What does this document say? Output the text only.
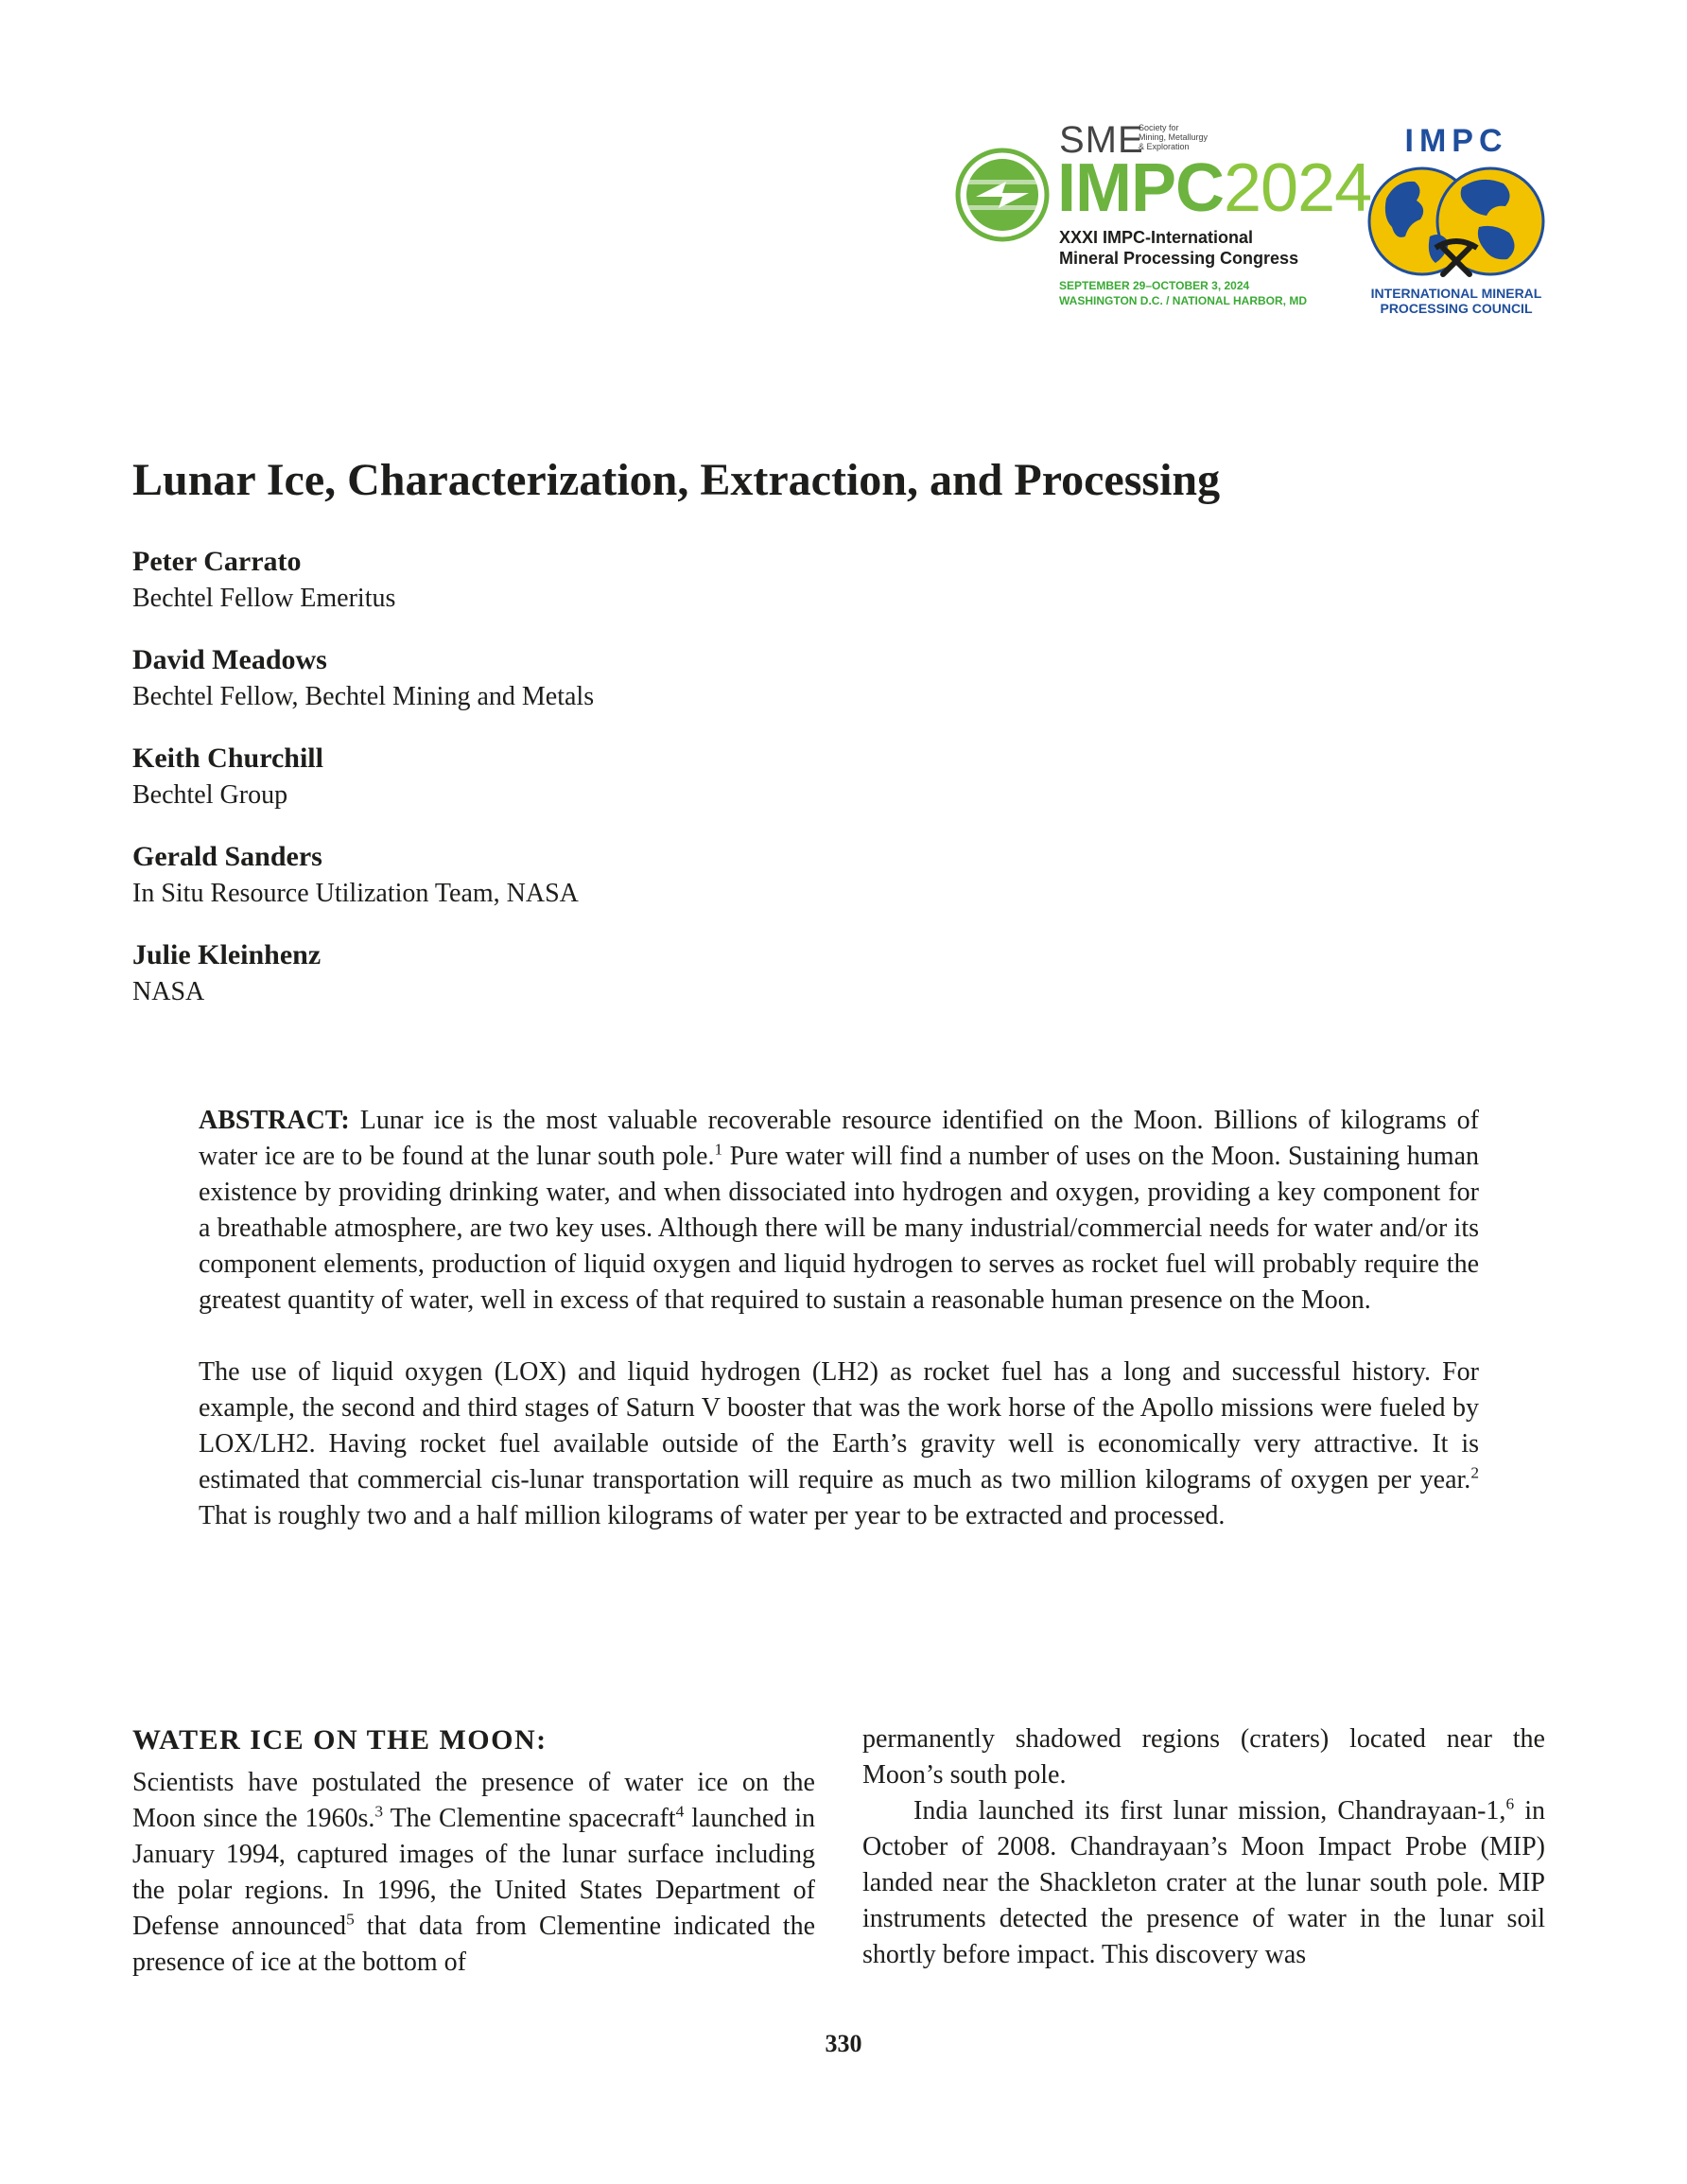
SME
Society for
Mining, Metallurgy
& Exploration
IMPC2024
XXXI IMPC-International
Mineral Processing Congress
SEPTEMBER 29–OCTOBER 3, 2024
WASHINGTON D.C. / NATIONAL HARBOR, MD
IMPC
INTERNATIONAL MINERAL
PROCESSING COUNCIL
Lunar Ice, Characterization, Extraction, and Processing
Peter Carrato
Bechtel Fellow Emeritus
David Meadows
Bechtel Fellow, Bechtel Mining and Metals
Keith Churchill
Bechtel Group
Gerald Sanders
In Situ Resource Utilization Team, NASA
Julie Kleinhenz
NASA

ABSTRACT: Lunar ice is the most valuable recoverable resource identified on the Moon. Billions of kilograms of water ice are to be found at the lunar south pole.$^1$ Pure water will find a number of uses on the Moon. Sustaining human existence by providing drinking water, and when dissociated into hydrogen and oxygen, providing a key component for a breathable atmosphere, are two key uses. Although there will be many industrial/commercial needs for water and/or its component elements, production of liquid oxygen and liquid hydrogen to serves as rocket fuel will probably require the greatest quantity of water, well in excess of that required to sustain a reasonable human presence on the Moon.

The use of liquid oxygen (LOX) and liquid hydrogen (LH2) as rocket fuel has a long and successful history. For example, the second and third stages of Saturn V booster that was the work horse of the Apollo missions were fueled by LOX/LH2. Having rocket fuel available outside of the Earth’s gravity well is economically very attractive. It is estimated that commercial cis-lunar transportation will require as much as two million kilograms of oxygen per year.$^2$ That is roughly two and a half million kilograms of water per year to be extracted and processed.

WATER ICE ON THE MOON:

Scientists have postulated the presence of water ice on the Moon since the 1960s.$^3$ The Clementine spacecraft$^4$ launched in January 1994, captured images of the lunar surface including the polar regions. In 1996, the United States Department of Defense announced$^5$ that data from Clementine indicated the presence of ice at the bottom of

permanently shadowed regions (craters) located near the Moon’s south pole.

India launched its first lunar mission, Chandrayaan-1,$^6$ in October of 2008. Chandrayaan’s Moon Impact Probe (MIP) landed near the Shackleton crater at the lunar south pole. MIP instruments detected the presence of water in the lunar soil shortly before impact. This discovery was

330
